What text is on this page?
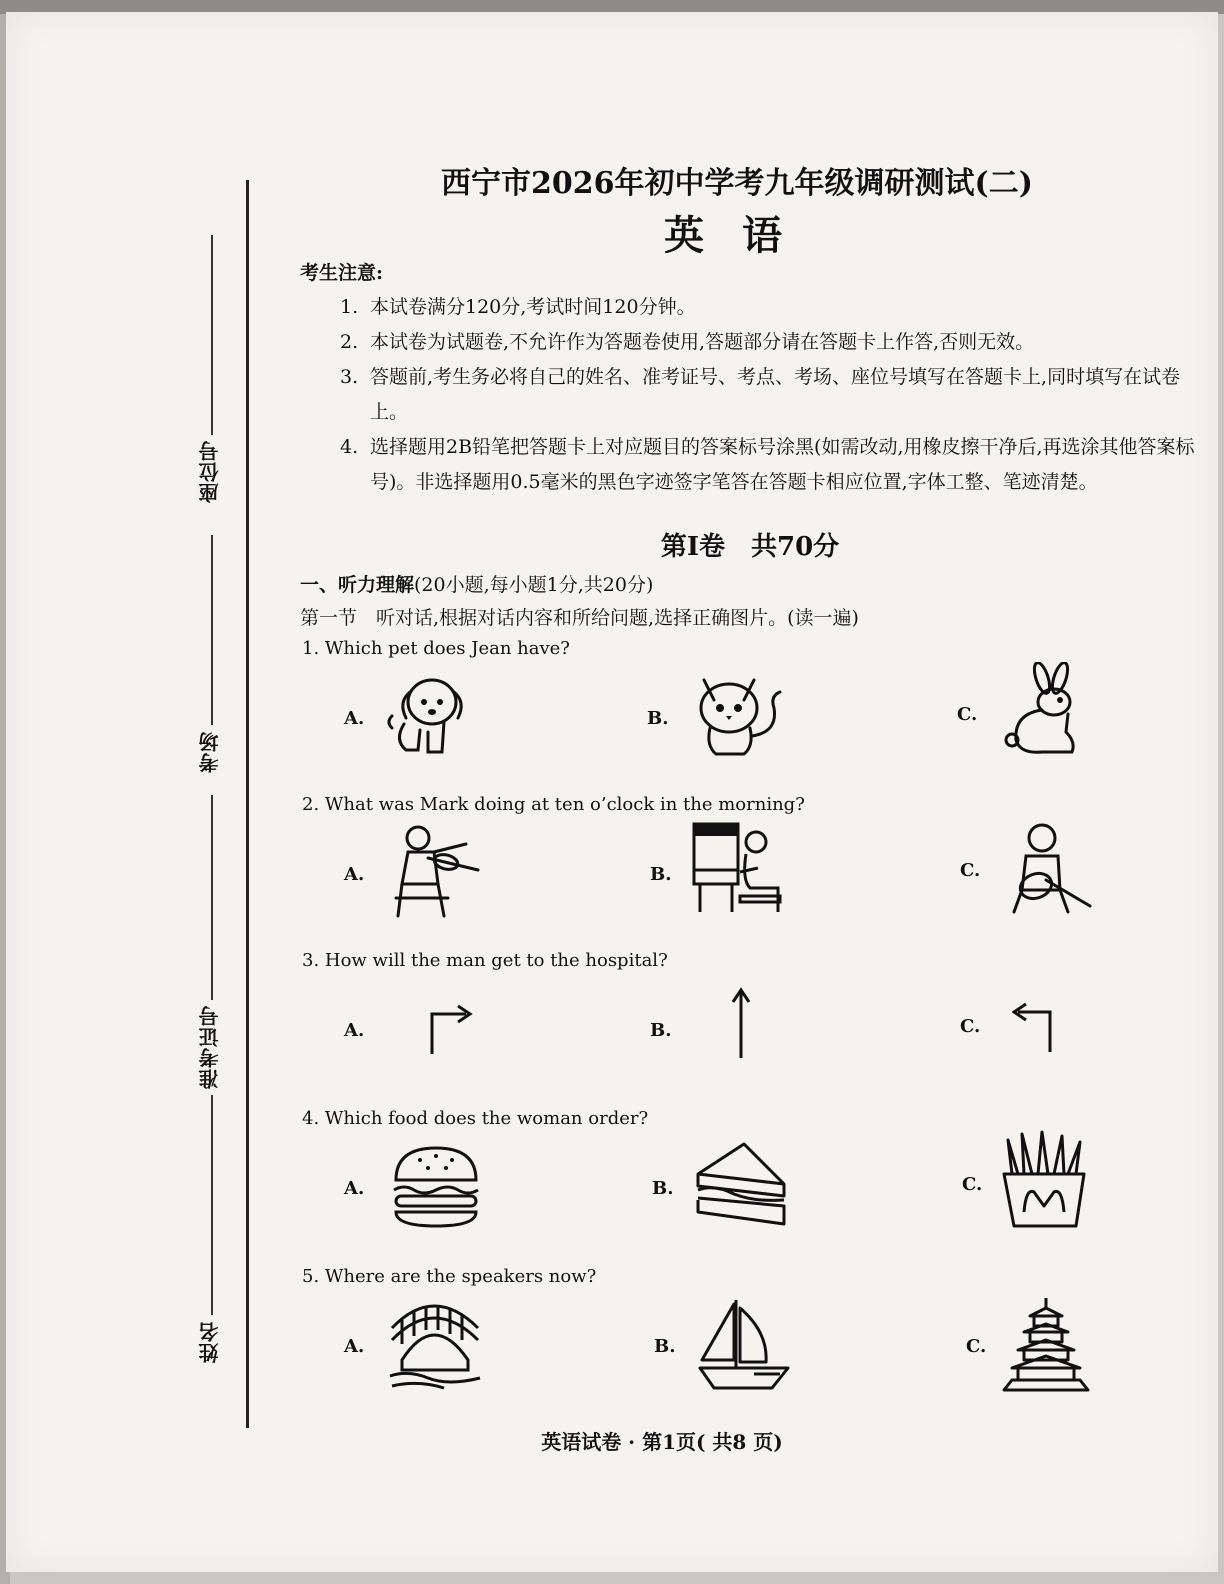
座位号
考场
准考证号
姓名
西宁市2026年初中学考九年级调研测试(二)
英语
考生注意:
1. 本试卷满分120分,考试时间120分钟。
2. 本试卷为试题卷,不允许作为答题卷使用,答题部分请在答题卡上作答,否则无效。
3. 答题前,考生务必将自己的姓名、准考证号、考点、考场、座位号填写在答题卡上,同时填写在试卷上。
4. 选择题用2B铅笔把答题卡上对应题目的答案标号涂黑(如需改动,用橡皮擦干净后,再选涂其他答案标号)。非选择题用0.5毫米的黑色字迹签字笔答在答题卡相应位置,字体工整、笔迹清楚。
第Ⅰ卷　共70分
一、听力理解(20小题,每小题1分,共20分)
第一节　听对话,根据对话内容和所给问题,选择正确图片。(读一遍)
1. Which pet does Jean have?
A.	B.	C.
2. What was Mark doing at ten o’clock in the morning?
A.	B.	C.
3. How will the man get to the hospital?
A.	B.	C.
4. Which food does the woman order?
A.	B.	C.
5. Where are the speakers now?
A.	B.	C.
英语试卷 · 第1页( 共8 页)
